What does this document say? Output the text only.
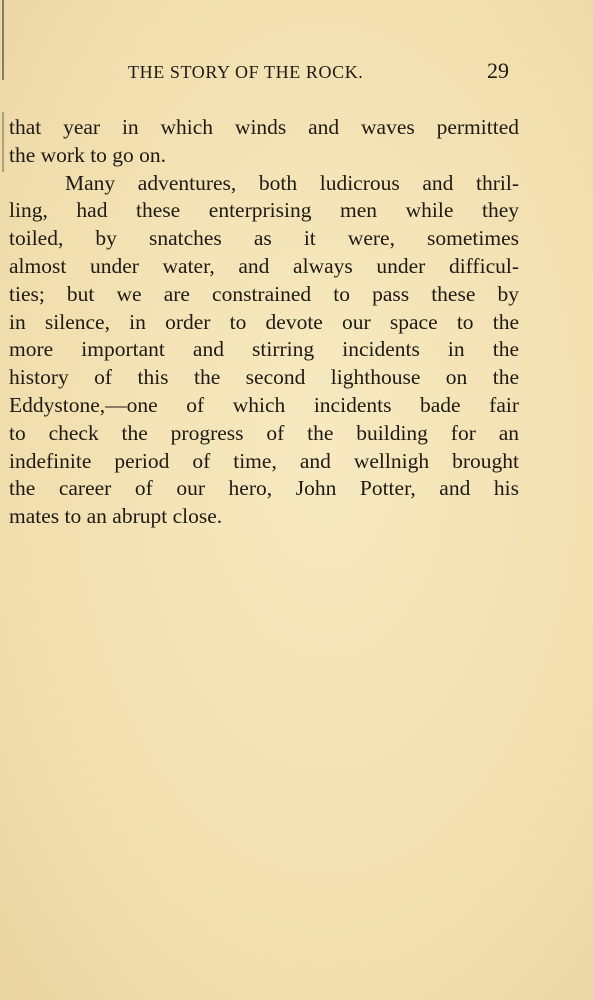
THE STORY OF THE ROCK.	29
that year in which winds and waves permitted
the work to go on.
Many adventures, both ludicrous and thril-
ling, had these enterprising men while they
toiled, by snatches as it were, sometimes
almost under water, and always under difficul-
ties; but we are constrained to pass these by
in silence, in order to devote our space to the
more important and stirring incidents in the
history of this the second lighthouse on the
Eddystone,—one of which incidents bade fair
to check the progress of the building for an
indefinite period of time, and wellnigh brought
the career of our hero, John Potter, and his
mates to an abrupt close.
